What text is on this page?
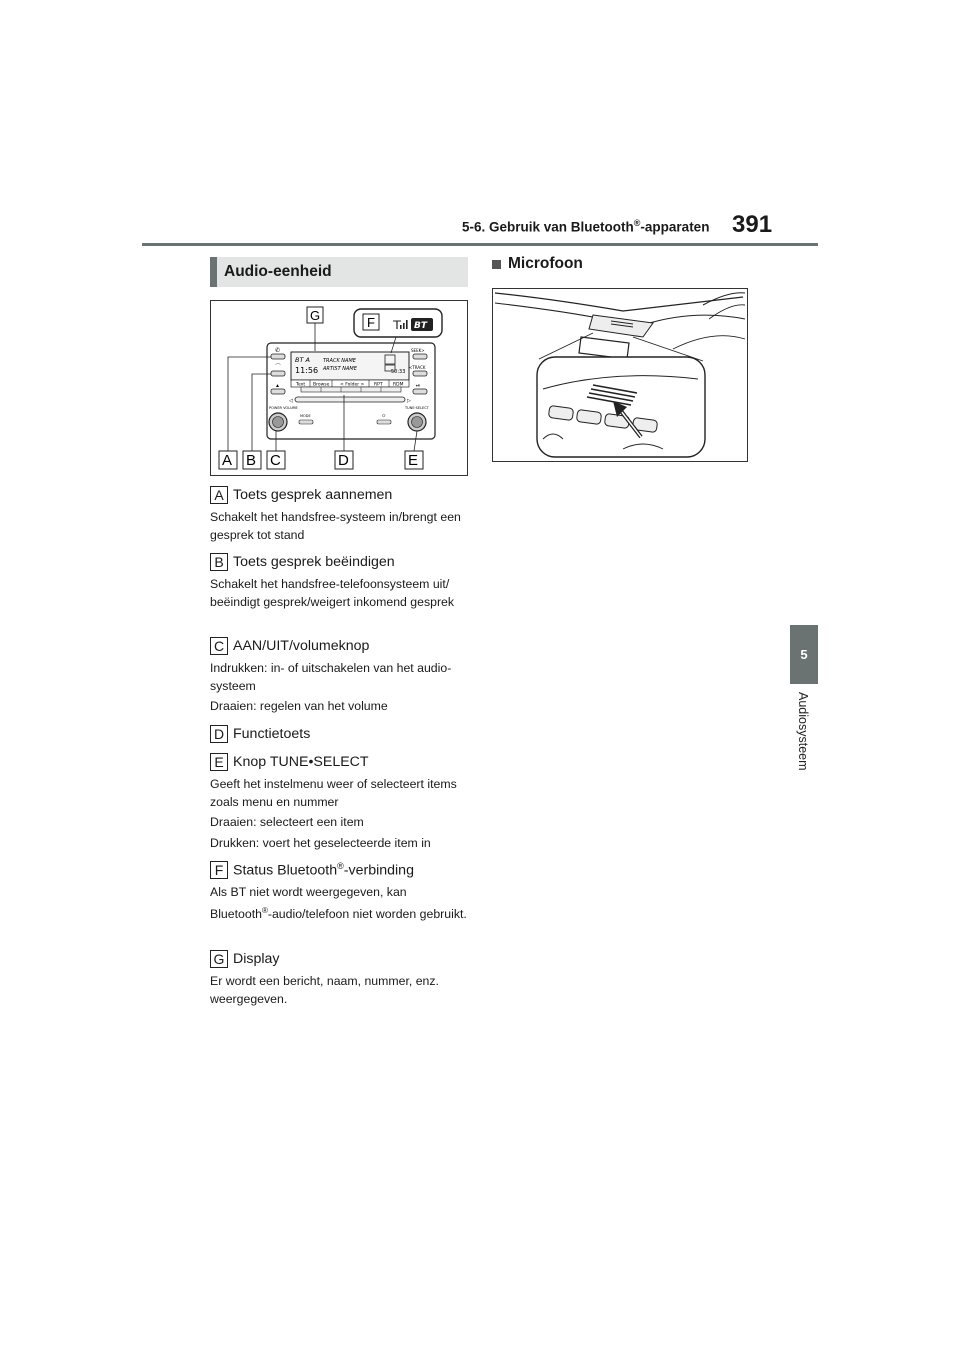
5-6. Gebruik van Bluetooth®-apparaten 391
5
Audiosysteem
Audio-eenheid
BT A
11:56
TRACK NAME
ARTIST NAME	50:33
Text Browse < Folder > RPT RDM
✆
⌒
▲
SEEK>
<TRACK
⏯
◁	▷
POWER VOLUME	TUNE·SELECT
MODE	☼
G	F	BT
A B C	D	E
A Toets gesprek aannemen
Schakelt het handsfree-systeem in/brengt een gesprek tot stand
B Toets gesprek beëindigen
Schakelt het handsfree-telefoonsysteem uit/ beëindigt gesprek/weigert inkomend gesprek
C AAN/UIT/volumeknop
Indrukken: in- of uitschakelen van het audio-systeem
Draaien: regelen van het volume
D Functietoets
E Knop TUNE•SELECT
Geeft het instelmenu weer of selecteert items zoals menu en nummer
Draaien: selecteert een item
Drukken: voert het geselecteerde item in
F Status Bluetooth®-verbinding
Als BT niet wordt weergegeven, kan
Bluetooth®-audio/telefoon niet worden gebruikt.
G Display
Er wordt een bericht, naam, nummer, enz. weergegeven.
Microfoon
